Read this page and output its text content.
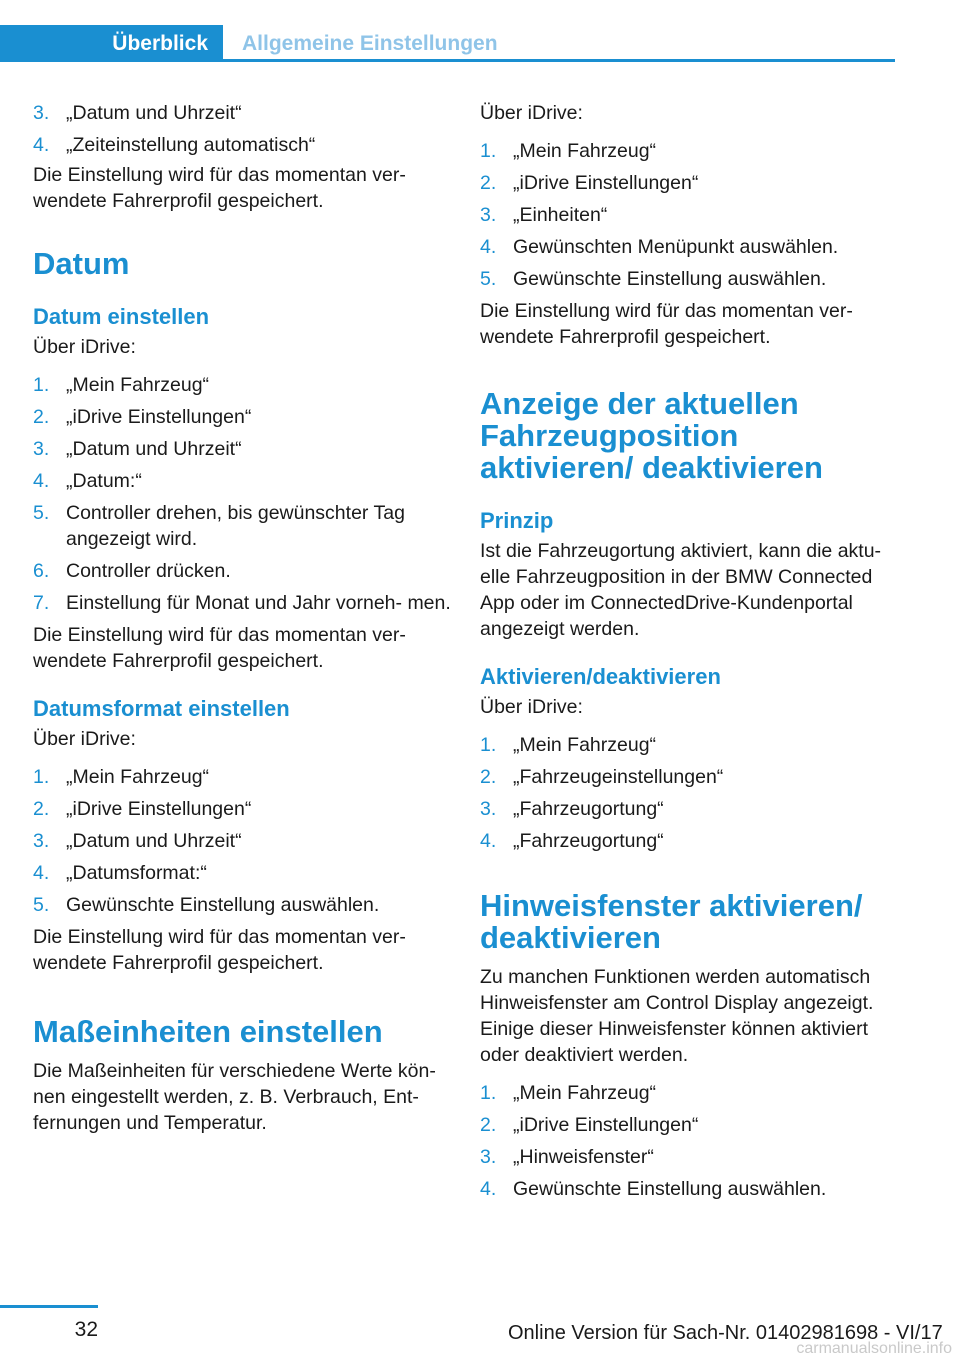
Überblick	Allgemeine Einstellungen
3. „Datum und Uhrzeit“
4. „Zeiteinstellung automatisch“

Die Einstellung wird für das momentan ver‐ wendete Fahrerprofil gespeichert.

Datum
Datum einstellen

Über iDrive:

1. „Mein Fahrzeug“
2. „iDrive Einstellungen“
3. „Datum und Uhrzeit“
4. „Datum:“
5. Controller drehen, bis gewünschter Tag angezeigt wird.
6. Controller drücken.
7. Einstellung für Monat und Jahr vorneh‐ men.

Die Einstellung wird für das momentan ver‐ wendete Fahrerprofil gespeichert.

Datumsformat einstellen

Über iDrive:

1. „Mein Fahrzeug“
2. „iDrive Einstellungen“
3. „Datum und Uhrzeit“
4. „Datumsformat:“
5. Gewünschte Einstellung auswählen.

Die Einstellung wird für das momentan ver‐ wendete Fahrerprofil gespeichert.

Maßeinheiten einstellen

Die Maßeinheiten für verschiedene Werte kön‐ nen eingestellt werden, z. B. Verbrauch, Ent‐ fernungen und Temperatur.

Über iDrive:

1. „Mein Fahrzeug“
2. „iDrive Einstellungen“
3. „Einheiten“
4. Gewünschten Menüpunkt auswählen.
5. Gewünschte Einstellung auswählen.

Die Einstellung wird für das momentan ver‐ wendete Fahrerprofil gespeichert.

Anzeige der aktuellen Fahrzeugposition aktivieren/ deaktivieren
Prinzip

Ist die Fahrzeugortung aktiviert, kann die aktu‐ elle Fahrzeugposition in der BMW Connected App oder im ConnectedDrive-Kundenportal angezeigt werden.

Aktivieren/deaktivieren

Über iDrive:

1. „Mein Fahrzeug“
2. „Fahrzeugeinstellungen“
3. „Fahrzeugortung“
4. „Fahrzeugortung“
Hinweisfenster aktivieren/ deaktivieren

Zu manchen Funktionen werden automatisch Hinweisfenster am Control Display angezeigt. Einige dieser Hinweisfenster können aktiviert oder deaktiviert werden.

1. „Mein Fahrzeug“
2. „iDrive Einstellungen“
3. „Hinweisfenster“
4. Gewünschte Einstellung auswählen.
32	Online Version für Sach-Nr. 01402981698 - VI/17
carmanualsonline.info
